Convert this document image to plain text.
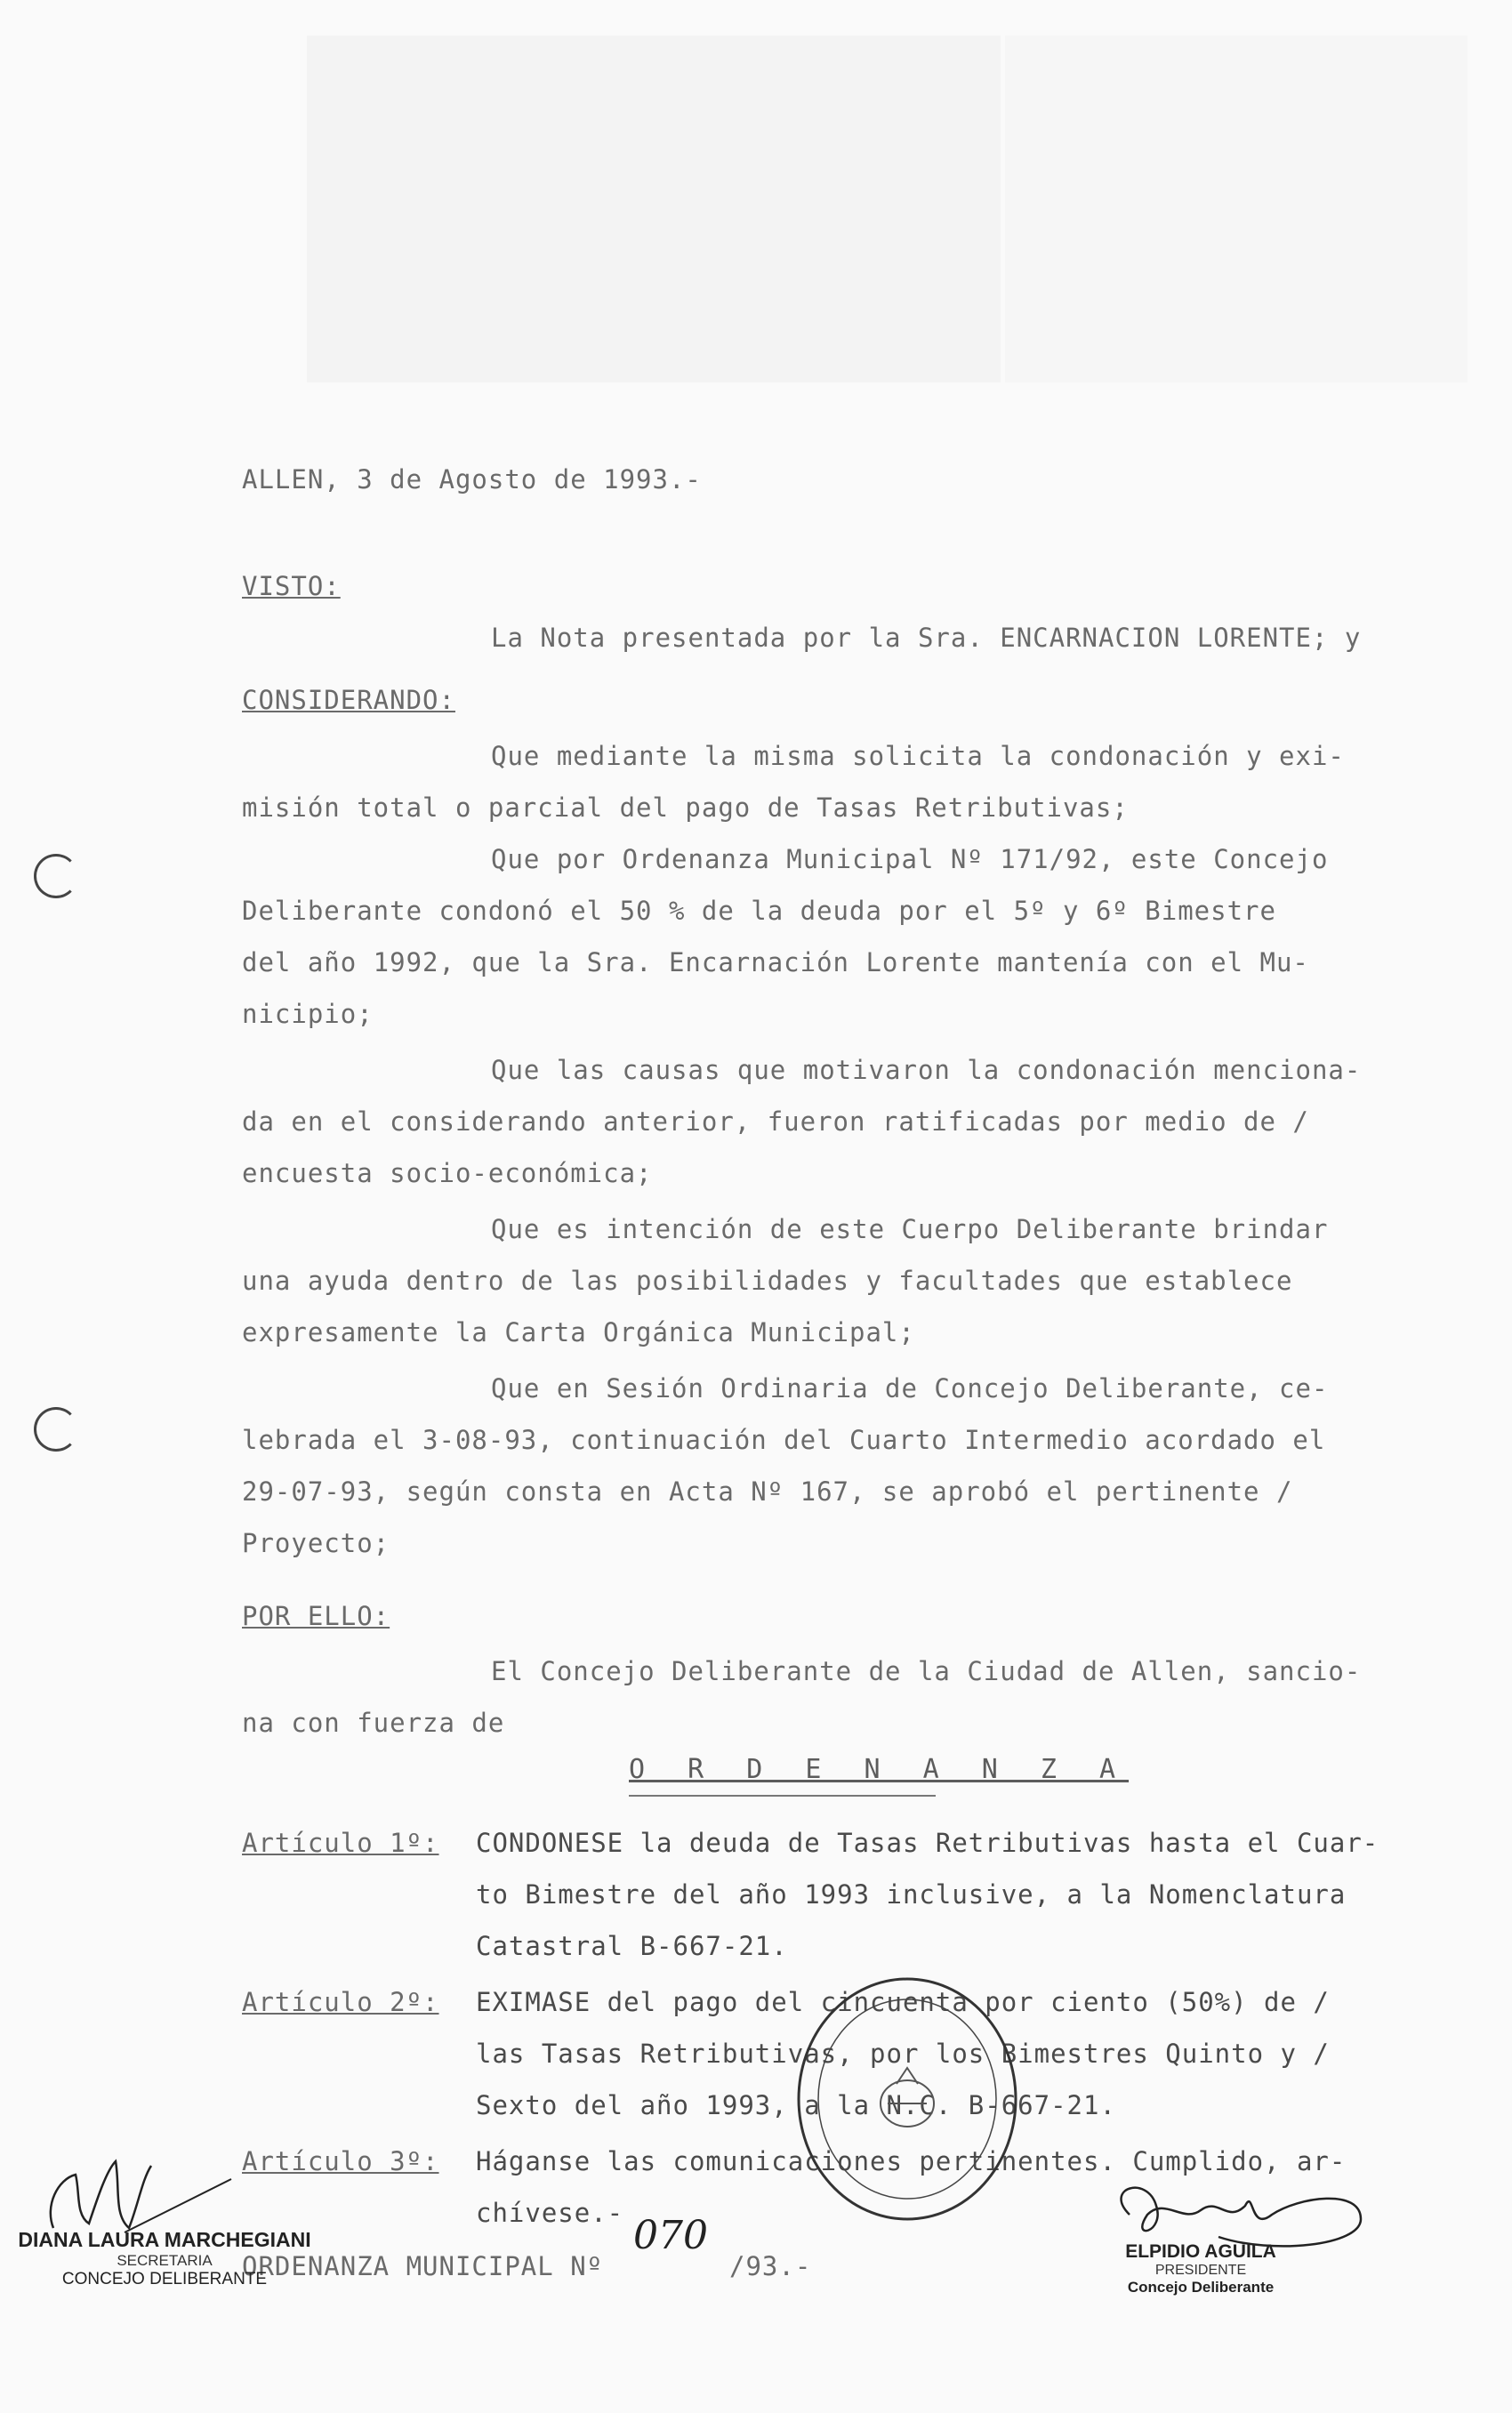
ALLEN, 3 de Agosto de 1993.-
VISTO:
La Nota presentada por la Sra. ENCARNACION LORENTE; y
CONSIDERANDO:
Que mediante la misma solicita la condonación y exi-
misión total o parcial del pago de Tasas Retributivas;
Que por Ordenanza Municipal Nº 171/92, este Concejo
Deliberante condonó el 50 % de la deuda por el 5º y 6º Bimestre
del año 1992, que la Sra. Encarnación Lorente mantenía con el Mu-
nicipio;
Que las causas que motivaron la condonación menciona-
da en el considerando anterior, fueron ratificadas por medio de /
encuesta socio-económica;
Que es intención de este Cuerpo Deliberante brindar
una ayuda dentro de las posibilidades y facultades que establece
expresamente la Carta Orgánica Municipal;
Que en Sesión Ordinaria de Concejo Deliberante, ce-
lebrada el 3-08-93, continuación del Cuarto Intermedio acordado el
29-07-93, según consta en Acta Nº 167, se aprobó el pertinente /
Proyecto;
POR ELLO:
El Concejo Deliberante de la Ciudad de Allen, sancio-
na con fuerza de
O R D E N A N Z A
Artículo 1º: CONDONESE la deuda de Tasas Retributivas hasta el Cuar-
to Bimestre del año 1993 inclusive, a la Nomenclatura
Catastral B-667-21.
Artículo 2º: EXIMASE del pago del cincuenta por ciento (50%) de /
las Tasas Retributivas, por los Bimestres Quinto y /
Sexto del año 1993, a la N.C. B-667-21.
Artículo 3º: Háganse las comunicaciones pertinentes. Cumplido, ar-
chívese.-
ORDENANZA MUNICIPAL Nº
070
/93.-
DIANA LAURA MARCHEGIANI
SECRETARIA
CONCEJO DELIBERANTE
ELPIDIO AGUILA
PRESIDENTE
Concejo Deliberante
